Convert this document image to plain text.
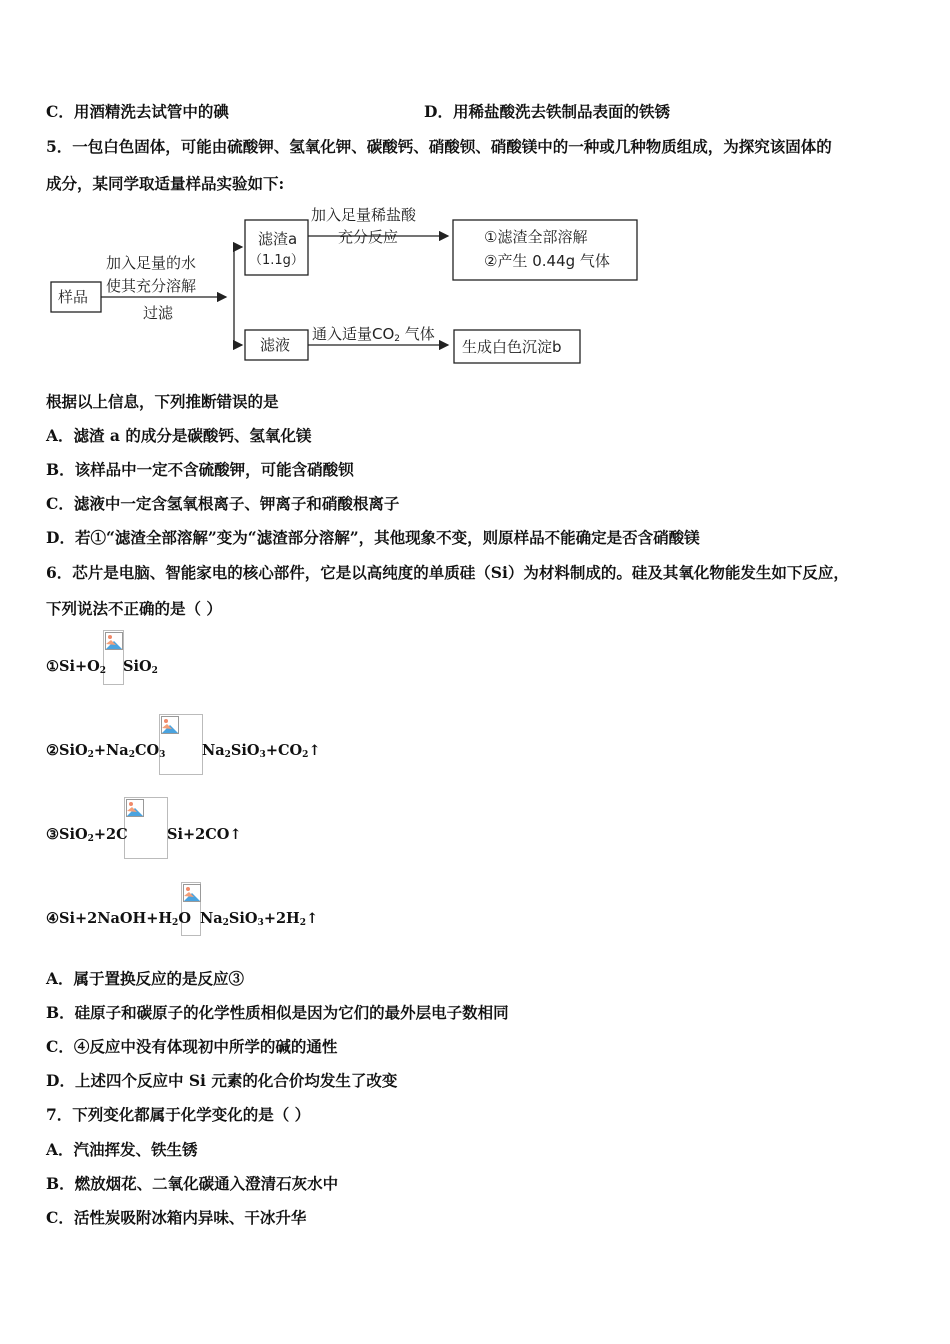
C．用酒精洗去试管中的碘	D．用稀盐酸洗去铁制品表面的铁锈
5．一包白色固体，可能由硫酸钾、氢氧化钾、碳酸钙、硝酸钡、硝酸镁中的一种或几种物质组成，为探究该固体的
成分，某同学取适量样品实验如下:
样品
加入足量的水
使其充分溶解
过滤
滤渣a
（1.1g）
加入足量稀盐酸
充分反应	①滤渣全部溶解
②产生 0.44g 气体
滤液
通入适量$CO_2$ 气体
生成白色沉淀b
根据以上信息，下列推断错误的是
A．滤渣 a 的成分是碳酸钙、氢氧化镁
B．该样品中一定不含硫酸钾，可能含硝酸钡
C．滤液中一定含氢氧根离子、钾离子和硝酸根离子
D．若①“滤渣全部溶解”变为“滤渣部分溶解”，其他现象不变，则原样品不能确定是否含硝酸镁
6．芯片是电脑、智能家电的核心部件，它是以高纯度的单质硅（Si）为材料制成的。硅及其氧化物能发生如下反应，
下列说法不正确的是（ ）
$①Si+O_2$ SiO$_2$
$②SiO_2+Na_2CO_3$	$Na_2SiO_3+CO_2↑$
③SiO$_2$+2C	Si+2CO↑
$④Si+2NaOH+H_2O$ $Na_2SiO_3+2H_2↑$
A．属于置换反应的是反应③
B．硅原子和碳原子的化学性质相似是因为它们的最外层电子数相同
C．④反应中没有体现初中所学的碱的通性
D．上述四个反应中 Si 元素的化合价均发生了改变
7．下列变化都属于化学变化的是（ ）
A．汽油挥发、铁生锈
B．燃放烟花、二氧化碳通入澄清石灰水中
C．活性炭吸附冰箱内异味、干冰升华
